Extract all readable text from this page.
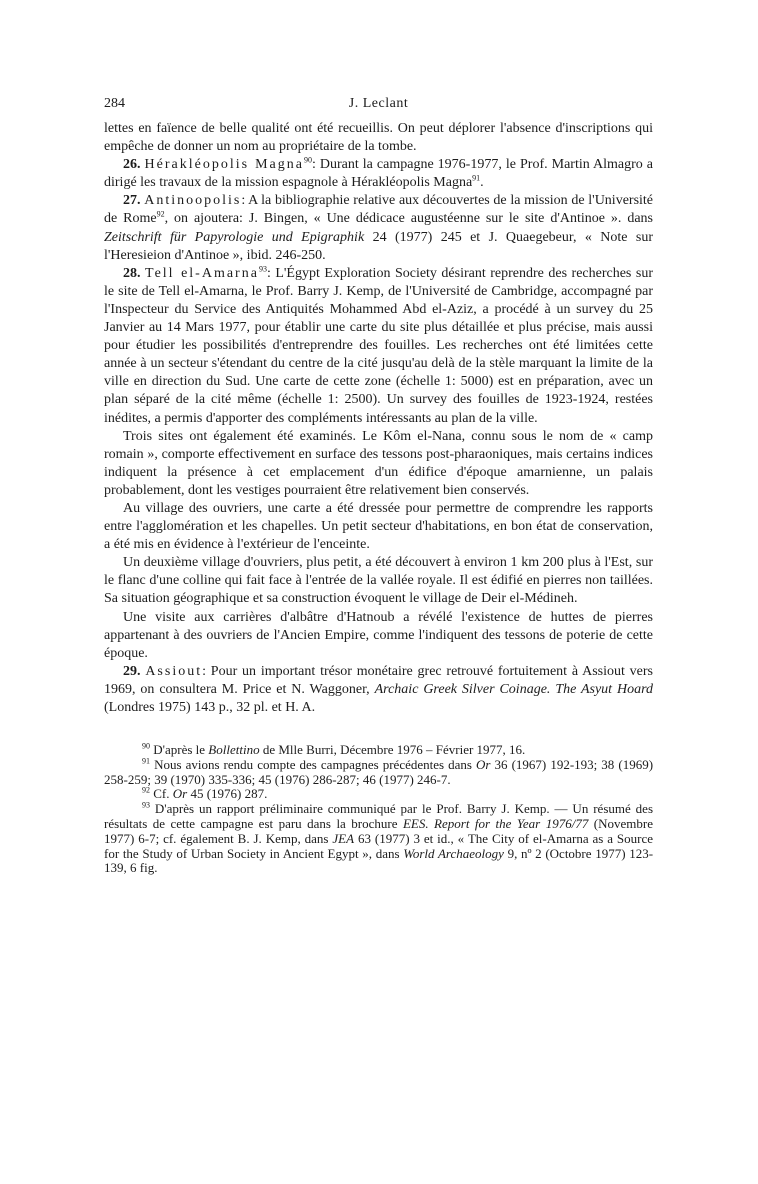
284	J. Leclant

lettes en faïence de belle qualité ont été recueillis. On peut déplorer l'absence d'inscriptions qui empêche de donner un nom au propriétaire de la tombe.

26. Hérakléopolis Magna$^{90}$: Durant la campagne 1976-1977, le Prof. Martin Almagro a dirigé les travaux de la mission espagnole à Hérakléopolis Magna$^{91}$.

27. Antinoopolis: A la bibliographie relative aux découvertes de la mission de l'Université de Rome$^{92}$, on ajoutera: J. Bingen, « Une dédicace augustéenne sur le site d'Antinoe ». dans Zeitschrift für Papyrologie und Epigraphik 24 (1977) 245 et J. Quaegebeur, « Note sur l'Heresieion d'Antinoe », ibid. 246-250.

28. Tell el-Amarna$^{93}$: L'Égypt Exploration Society désirant reprendre des recherches sur le site de Tell el-Amarna, le Prof. Barry J. Kemp, de l'Université de Cambridge, accompagné par l'Inspecteur du Service des Antiquités Mohammed Abd el-Aziz, a procédé à un survey du 25 Janvier au 14 Mars 1977, pour établir une carte du site plus détaillée et plus précise, mais aussi pour étudier les possibilités d'entreprendre des fouilles. Les recherches ont été limitées cette année à un secteur s'étendant du centre de la cité jusqu'au delà de la stèle marquant la limite de la ville en direction du Sud. Une carte de cette zone (échelle 1: 5000) est en préparation, avec un plan séparé de la cité même (échelle 1: 2500). Un survey des fouilles de 1923-1924, restées inédites, a permis d'apporter des compléments intéressants au plan de la ville.

Trois sites ont également été examinés. Le Kôm el-Nana, connu sous le nom de « camp romain », comporte effectivement en surface des tessons post-pharaoniques, mais certains indices indiquent la présence à cet emplacement d'un édifice d'époque amarnienne, un palais probablement, dont les vestiges pourraient être relativement bien conservés.

Au village des ouvriers, une carte a été dressée pour permettre de comprendre les rapports entre l'agglomération et les chapelles. Un petit secteur d'habitations, en bon état de conservation, a été mis en évidence à l'extérieur de l'enceinte.

Un deuxième village d'ouvriers, plus petit, a été découvert à environ 1 km 200 plus à l'Est, sur le flanc d'une colline qui fait face à l'entrée de la vallée royale. Il est édifié en pierres non taillées. Sa situation géographique et sa construction évoquent le village de Deir el-Médineh.

Une visite aux carrières d'albâtre d'Hatnoub a révélé l'existence de huttes de pierres appartenant à des ouvriers de l'Ancien Empire, comme l'indiquent des tessons de poterie de cette époque.

29. Assiout: Pour un important trésor monétaire grec retrouvé fortuitement à Assiout vers 1969, on consultera M. Price et N. Waggoner, Archaic Greek Silver Coinage. The Asyut Hoard (Londres 1975) 143 p., 32 pl. et H. A.

$^{90}$ D'après le Bollettino de Mlle Burri, Décembre 1976 – Février 1977, 16.

$^{91}$ Nous avions rendu compte des campagnes précédentes dans Or 36 (1967) 192-193; 38 (1969) 258-259; 39 (1970) 335-336; 45 (1976) 286-287; 46 (1977) 246-7.

$^{92}$ Cf. Or 45 (1976) 287.

$^{93}$ D'après un rapport préliminaire communiqué par le Prof. Barry J. Kemp. — Un résumé des résultats de cette campagne est paru dans la brochure EES. Report for the Year 1976/77 (Novembre 1977) 6-7; cf. également B. J. Kemp, dans JEA 63 (1977) 3 et id., « The City of el-Amarna as a Source for the Study of Urban Society in Ancient Egypt », dans World Archaeology 9, nº 2 (Octobre 1977) 123-139, 6 fig.
